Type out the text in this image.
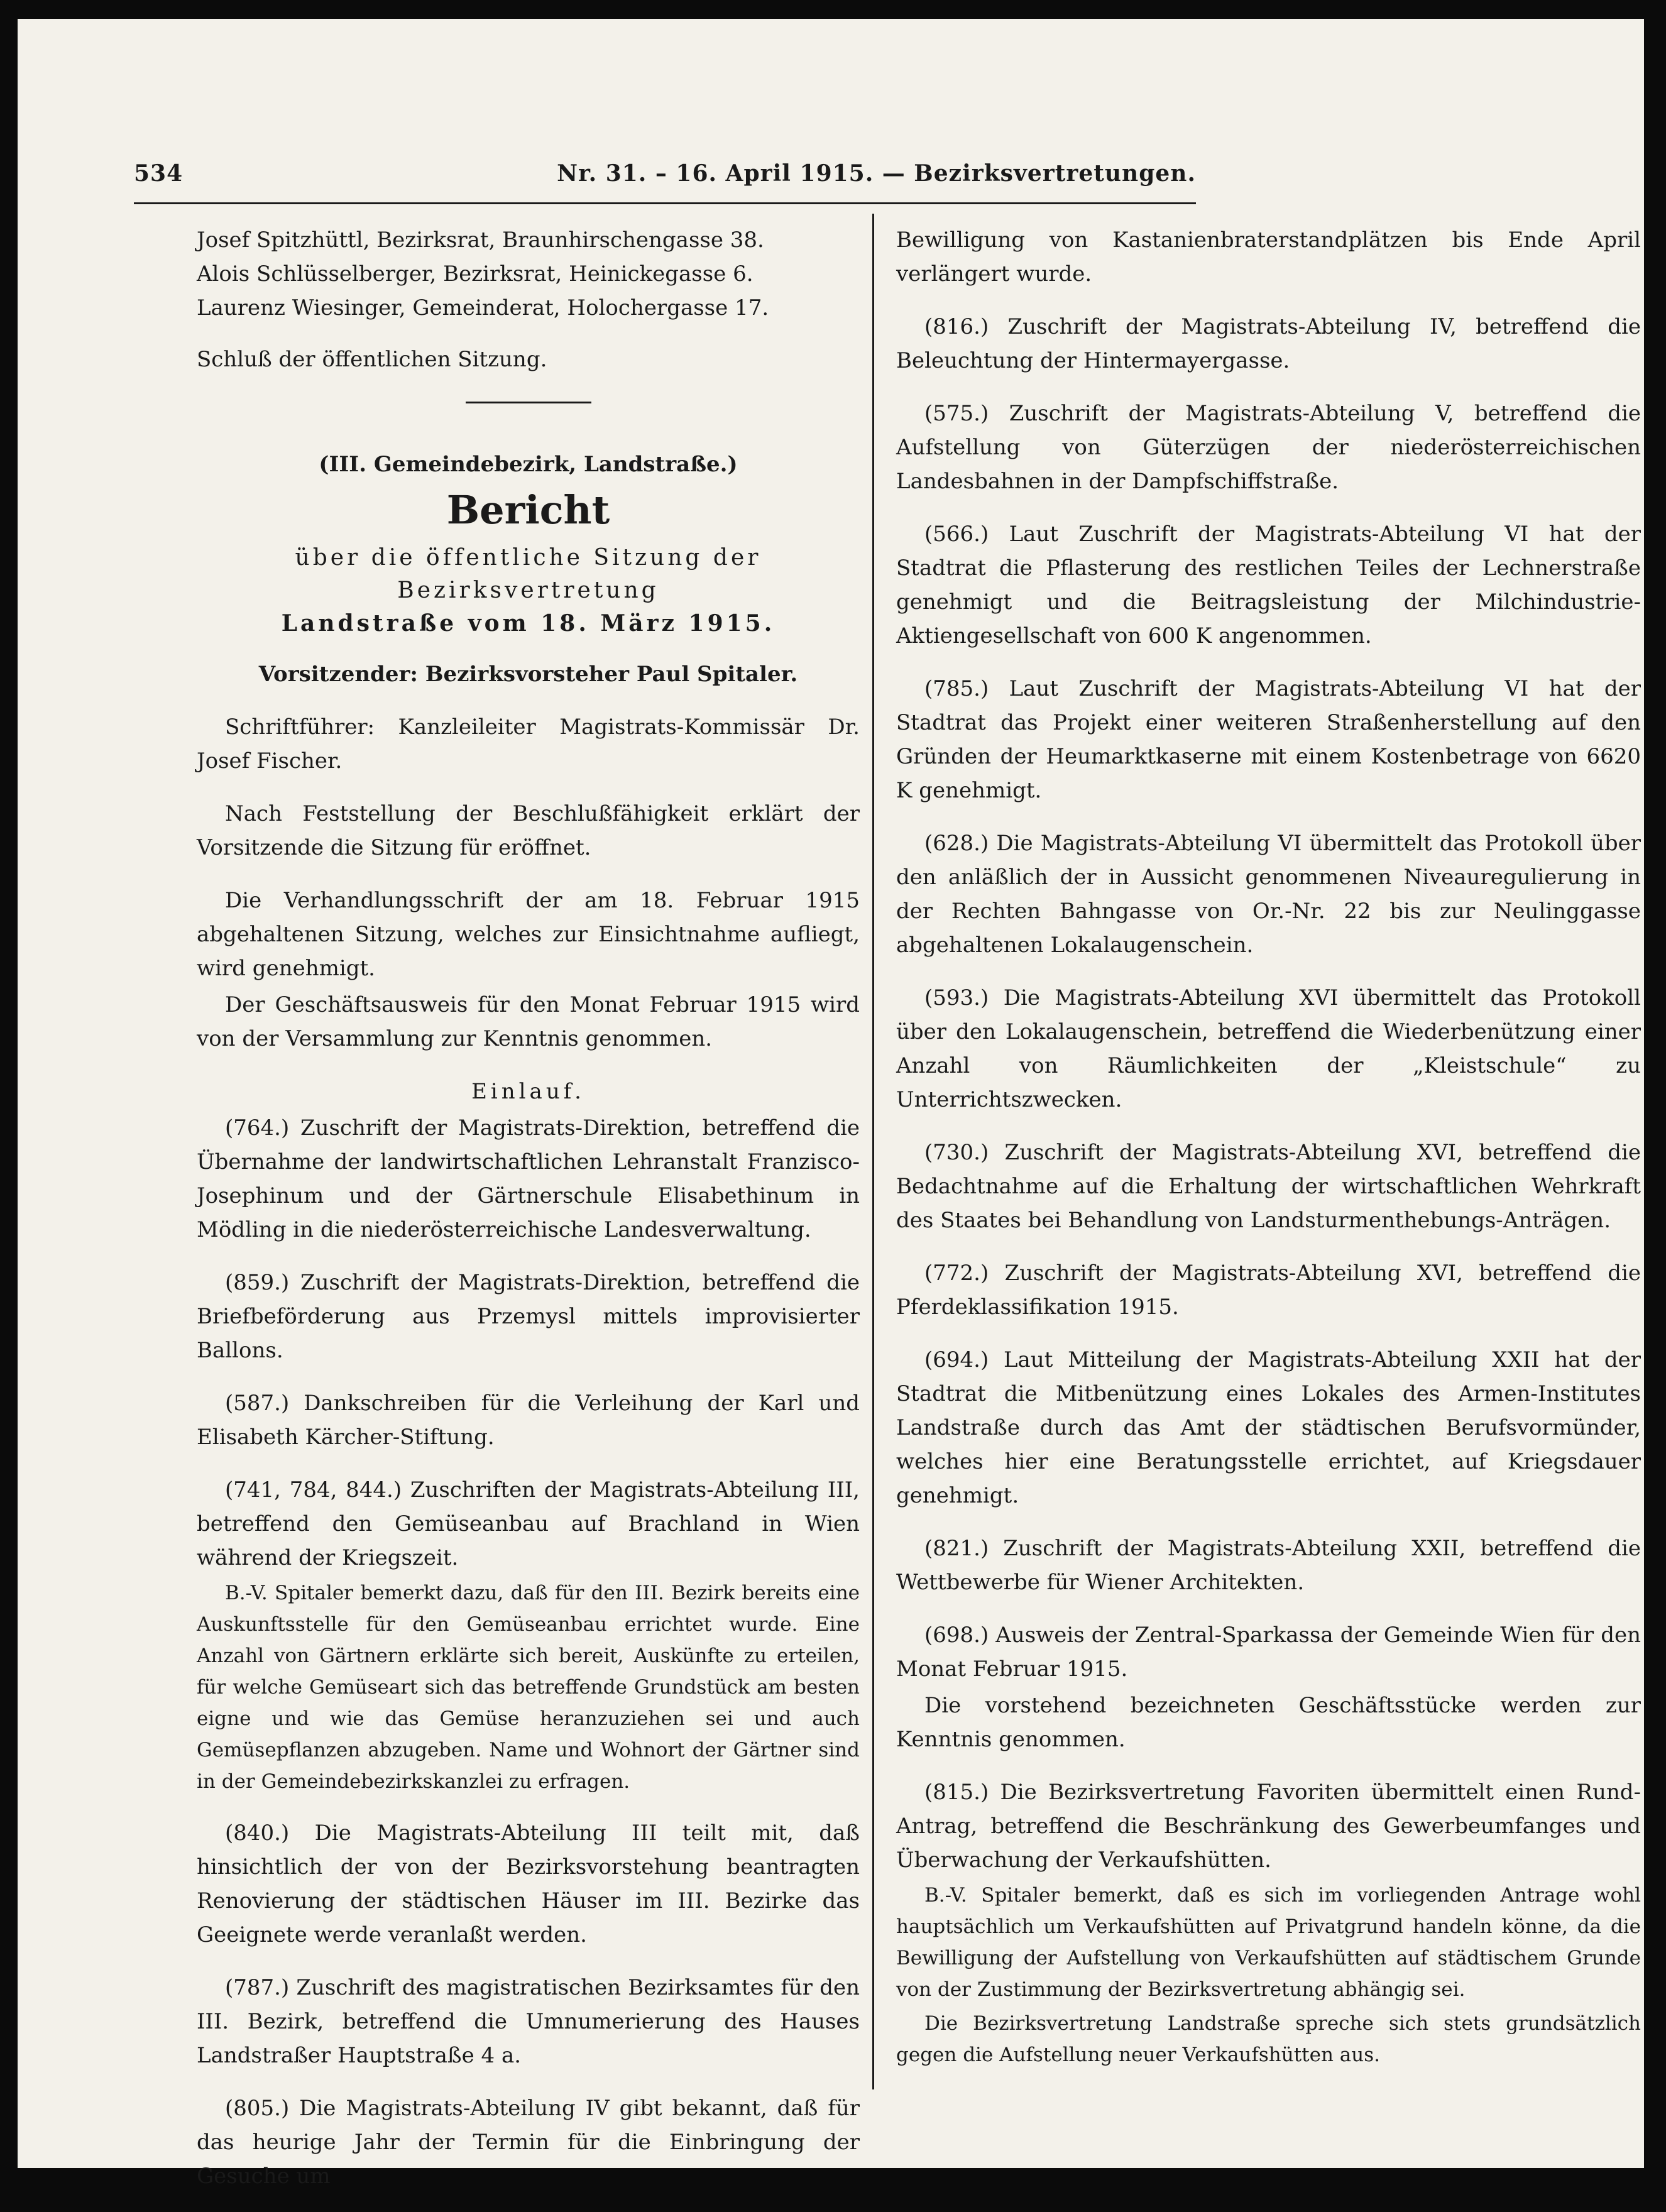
534	Nr. 31. – 16. April 1915. — Bezirksvertretungen.

Josef Spitzhüttl, Bezirksrat, Braunhirschengasse 38.

Alois Schlüsselberger, Bezirksrat, Heinickegasse 6.

Laurenz Wiesinger, Gemeinderat, Holochergasse 17.

Schluß der öffentlichen Sitzung.

(III. Gemeindebezirk, Landstraße.)

Bericht

über die öffentliche Sitzung der Bezirksvertretung

Landstraße vom 18. März 1915.

Vorsitzender: Bezirksvorsteher Paul Spitaler.

Schriftführer: Kanzleileiter Magistrats-Kommissär Dr. Josef Fischer.

Nach Feststellung der Beschlußfähigkeit erklärt der Vorsitzende die Sitzung für eröffnet.

Die Verhandlungsschrift der am 18. Februar 1915 abgehaltenen Sitzung, welches zur Einsichtnahme aufliegt, wird genehmigt.

Der Geschäftsausweis für den Monat Februar 1915 wird von der Versammlung zur Kenntnis genommen.

Einlauf.

(764.) Zuschrift der Magistrats-Direktion, betreffend die Übernahme der landwirtschaftlichen Lehranstalt Franzisco-Josephinum und der Gärtnerschule Elisabethinum in Mödling in die niederösterreichische Landesverwaltung.

(859.) Zuschrift der Magistrats-Direktion, betreffend die Briefbeförderung aus Przemysl mittels improvisierter Ballons.

(587.) Dankschreiben für die Verleihung der Karl und Elisabeth Kärcher-Stiftung.

(741, 784, 844.) Zuschriften der Magistrats-Abteilung III, betreffend den Gemüseanbau auf Brachland in Wien während der Kriegszeit.

B.-V. Spitaler bemerkt dazu, daß für den III. Bezirk bereits eine Auskunftsstelle für den Gemüseanbau errichtet wurde. Eine Anzahl von Gärtnern erklärte sich bereit, Auskünfte zu erteilen, für welche Gemüseart sich das betreffende Grundstück am besten eigne und wie das Gemüse heranzuziehen sei und auch Gemüsepflanzen abzugeben. Name und Wohnort der Gärtner sind in der Gemeindebezirkskanzlei zu erfragen.

(840.) Die Magistrats-Abteilung III teilt mit, daß hinsichtlich der von der Bezirksvorstehung beantragten Renovierung der städtischen Häuser im III. Bezirke das Geeignete werde veranlaßt werden.

(787.) Zuschrift des magistratischen Bezirksamtes für den III. Bezirk, betreffend die Umnumerierung des Hauses Landstraßer Hauptstraße 4 a.

(805.) Die Magistrats-Abteilung IV gibt bekannt, daß für das heurige Jahr der Termin für die Einbringung der Gesuche um

Bewilligung von Kastanienbraterstandplätzen bis Ende April verlängert wurde.

(816.) Zuschrift der Magistrats-Abteilung IV, betreffend die Beleuchtung der Hintermayergasse.

(575.) Zuschrift der Magistrats-Abteilung V, betreffend die Aufstellung von Güterzügen der niederösterreichischen Landesbahnen in der Dampfschiffstraße.

(566.) Laut Zuschrift der Magistrats-Abteilung VI hat der Stadtrat die Pflasterung des restlichen Teiles der Lechnerstraße genehmigt und die Beitragsleistung der Milchindustrie-Aktiengesellschaft von 600 K angenommen.

(785.) Laut Zuschrift der Magistrats-Abteilung VI hat der Stadtrat das Projekt einer weiteren Straßenherstellung auf den Gründen der Heumarktkaserne mit einem Kostenbetrage von 6620 K genehmigt.

(628.) Die Magistrats-Abteilung VI übermittelt das Protokoll über den anläßlich der in Aussicht genommenen Niveauregulierung in der Rechten Bahngasse von Or.-Nr. 22 bis zur Neulinggasse abgehaltenen Lokalaugenschein.

(593.) Die Magistrats-Abteilung XVI übermittelt das Protokoll über den Lokalaugenschein, betreffend die Wiederbenützung einer Anzahl von Räumlichkeiten der „Kleistschule“ zu Unterrichtszwecken.

(730.) Zuschrift der Magistrats-Abteilung XVI, betreffend die Bedachtnahme auf die Erhaltung der wirtschaftlichen Wehrkraft des Staates bei Behandlung von Landsturmenthebungs-Anträgen.

(772.) Zuschrift der Magistrats-Abteilung XVI, betreffend die Pferdeklassifikation 1915.

(694.) Laut Mitteilung der Magistrats-Abteilung XXII hat der Stadtrat die Mitbenützung eines Lokales des Armen-Institutes Landstraße durch das Amt der städtischen Berufsvormünder, welches hier eine Beratungsstelle errichtet, auf Kriegsdauer genehmigt.

(821.) Zuschrift der Magistrats-Abteilung XXII, betreffend die Wettbewerbe für Wiener Architekten.

(698.) Ausweis der Zentral-Sparkassa der Gemeinde Wien für den Monat Februar 1915.

Die vorstehend bezeichneten Geschäftsstücke werden zur Kenntnis genommen.

(815.) Die Bezirksvertretung Favoriten übermittelt einen Rund-Antrag, betreffend die Beschränkung des Gewerbeumfanges und Überwachung der Verkaufshütten.

B.-V. Spitaler bemerkt, daß es sich im vorliegenden Antrage wohl hauptsächlich um Verkaufshütten auf Privatgrund handeln könne, da die Bewilligung der Aufstellung von Verkaufshütten auf städtischem Grunde von der Zustimmung der Bezirksvertretung abhängig sei.

Die Bezirksvertretung Landstraße spreche sich stets grundsätzlich gegen die Aufstellung neuer Verkaufshütten aus.
